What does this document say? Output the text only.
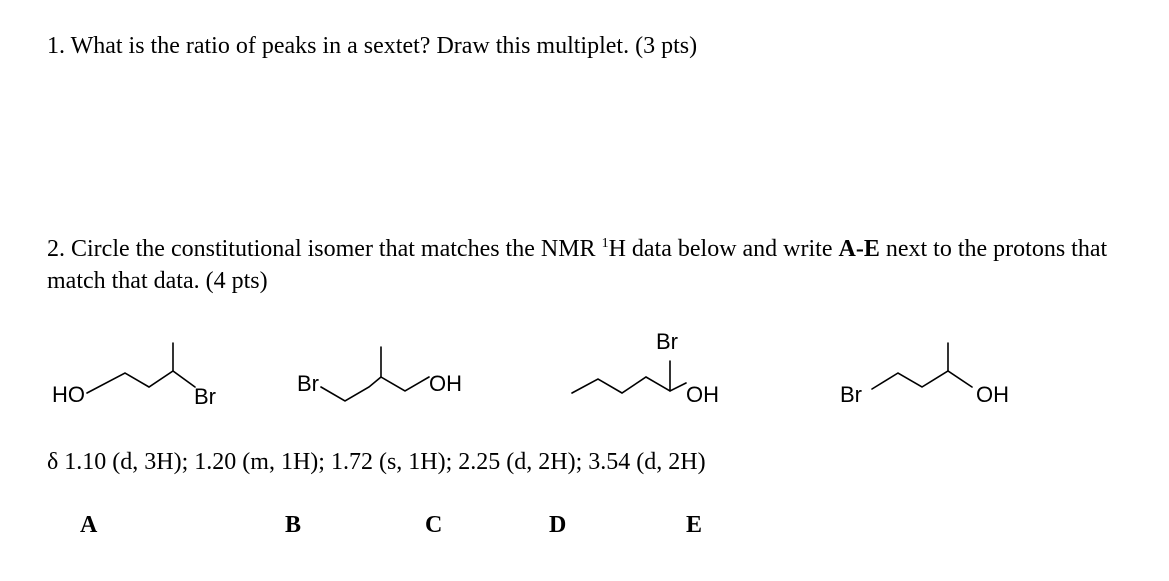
1. What is the ratio of peaks in a sextet? Draw this multiplet. (3 pts)
2. Circle the constitutional isomer that matches the NMR $^1$H data below and write A-E next to the protons that match that data. (4 pts)
HO	Br
Br	OH
Br
OH	Br	OH
δ 1.10 (d, 3H); 1.20 (m, 1H); 1.72 (s, 1H); 2.25 (d, 2H); 3.54 (d, 2H)
A	B	C	D	E
